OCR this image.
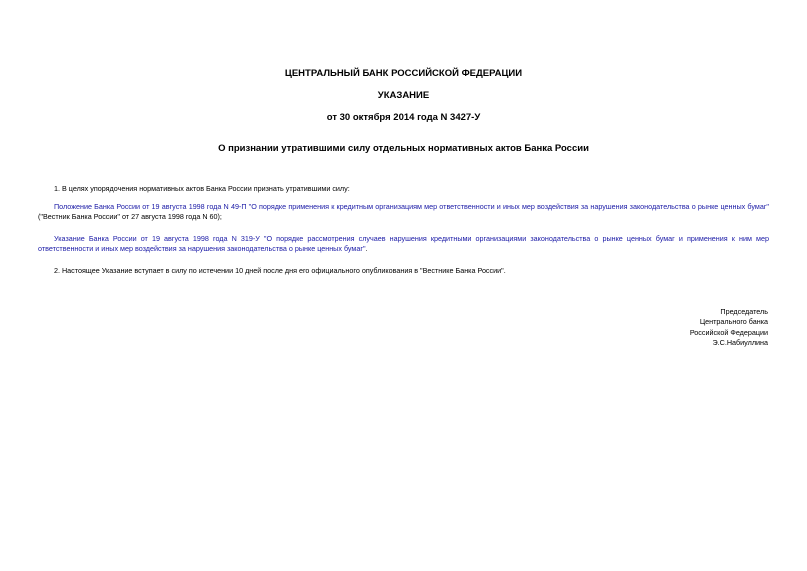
ЦЕНТРАЛЬНЫЙ БАНК РОССИЙСКОЙ ФЕДЕРАЦИИ
УКАЗАНИЕ
от 30 октября 2014 года N 3427-У
О признании утратившими силу отдельных нормативных актов Банка России
1. В целях упорядочения нормативных актов Банка России признать утратившими силу:
Положение Банка России от 19 августа 1998 года N 49-П "О порядке применения к кредитным организациям мер ответственности и иных мер воздействия за нарушения законодательства о рынке ценных бумаг" ("Вестник Банка России" от 27 августа 1998 года N 60);
Указание Банка России от 19 августа 1998 года N 319-У "О порядке рассмотрения случаев нарушения кредитными организациями законодательства о рынке ценных бумаг и применения к ним мер ответственности и иных мер воздействия за нарушения законодательства о рынке ценных бумаг".
2. Настоящее Указание вступает в силу по истечении 10 дней после дня его официального опубликования в "Вестнике Банка России".
Председатель
Центрального банка
Российской Федерации
Э.С.Набиуллина
